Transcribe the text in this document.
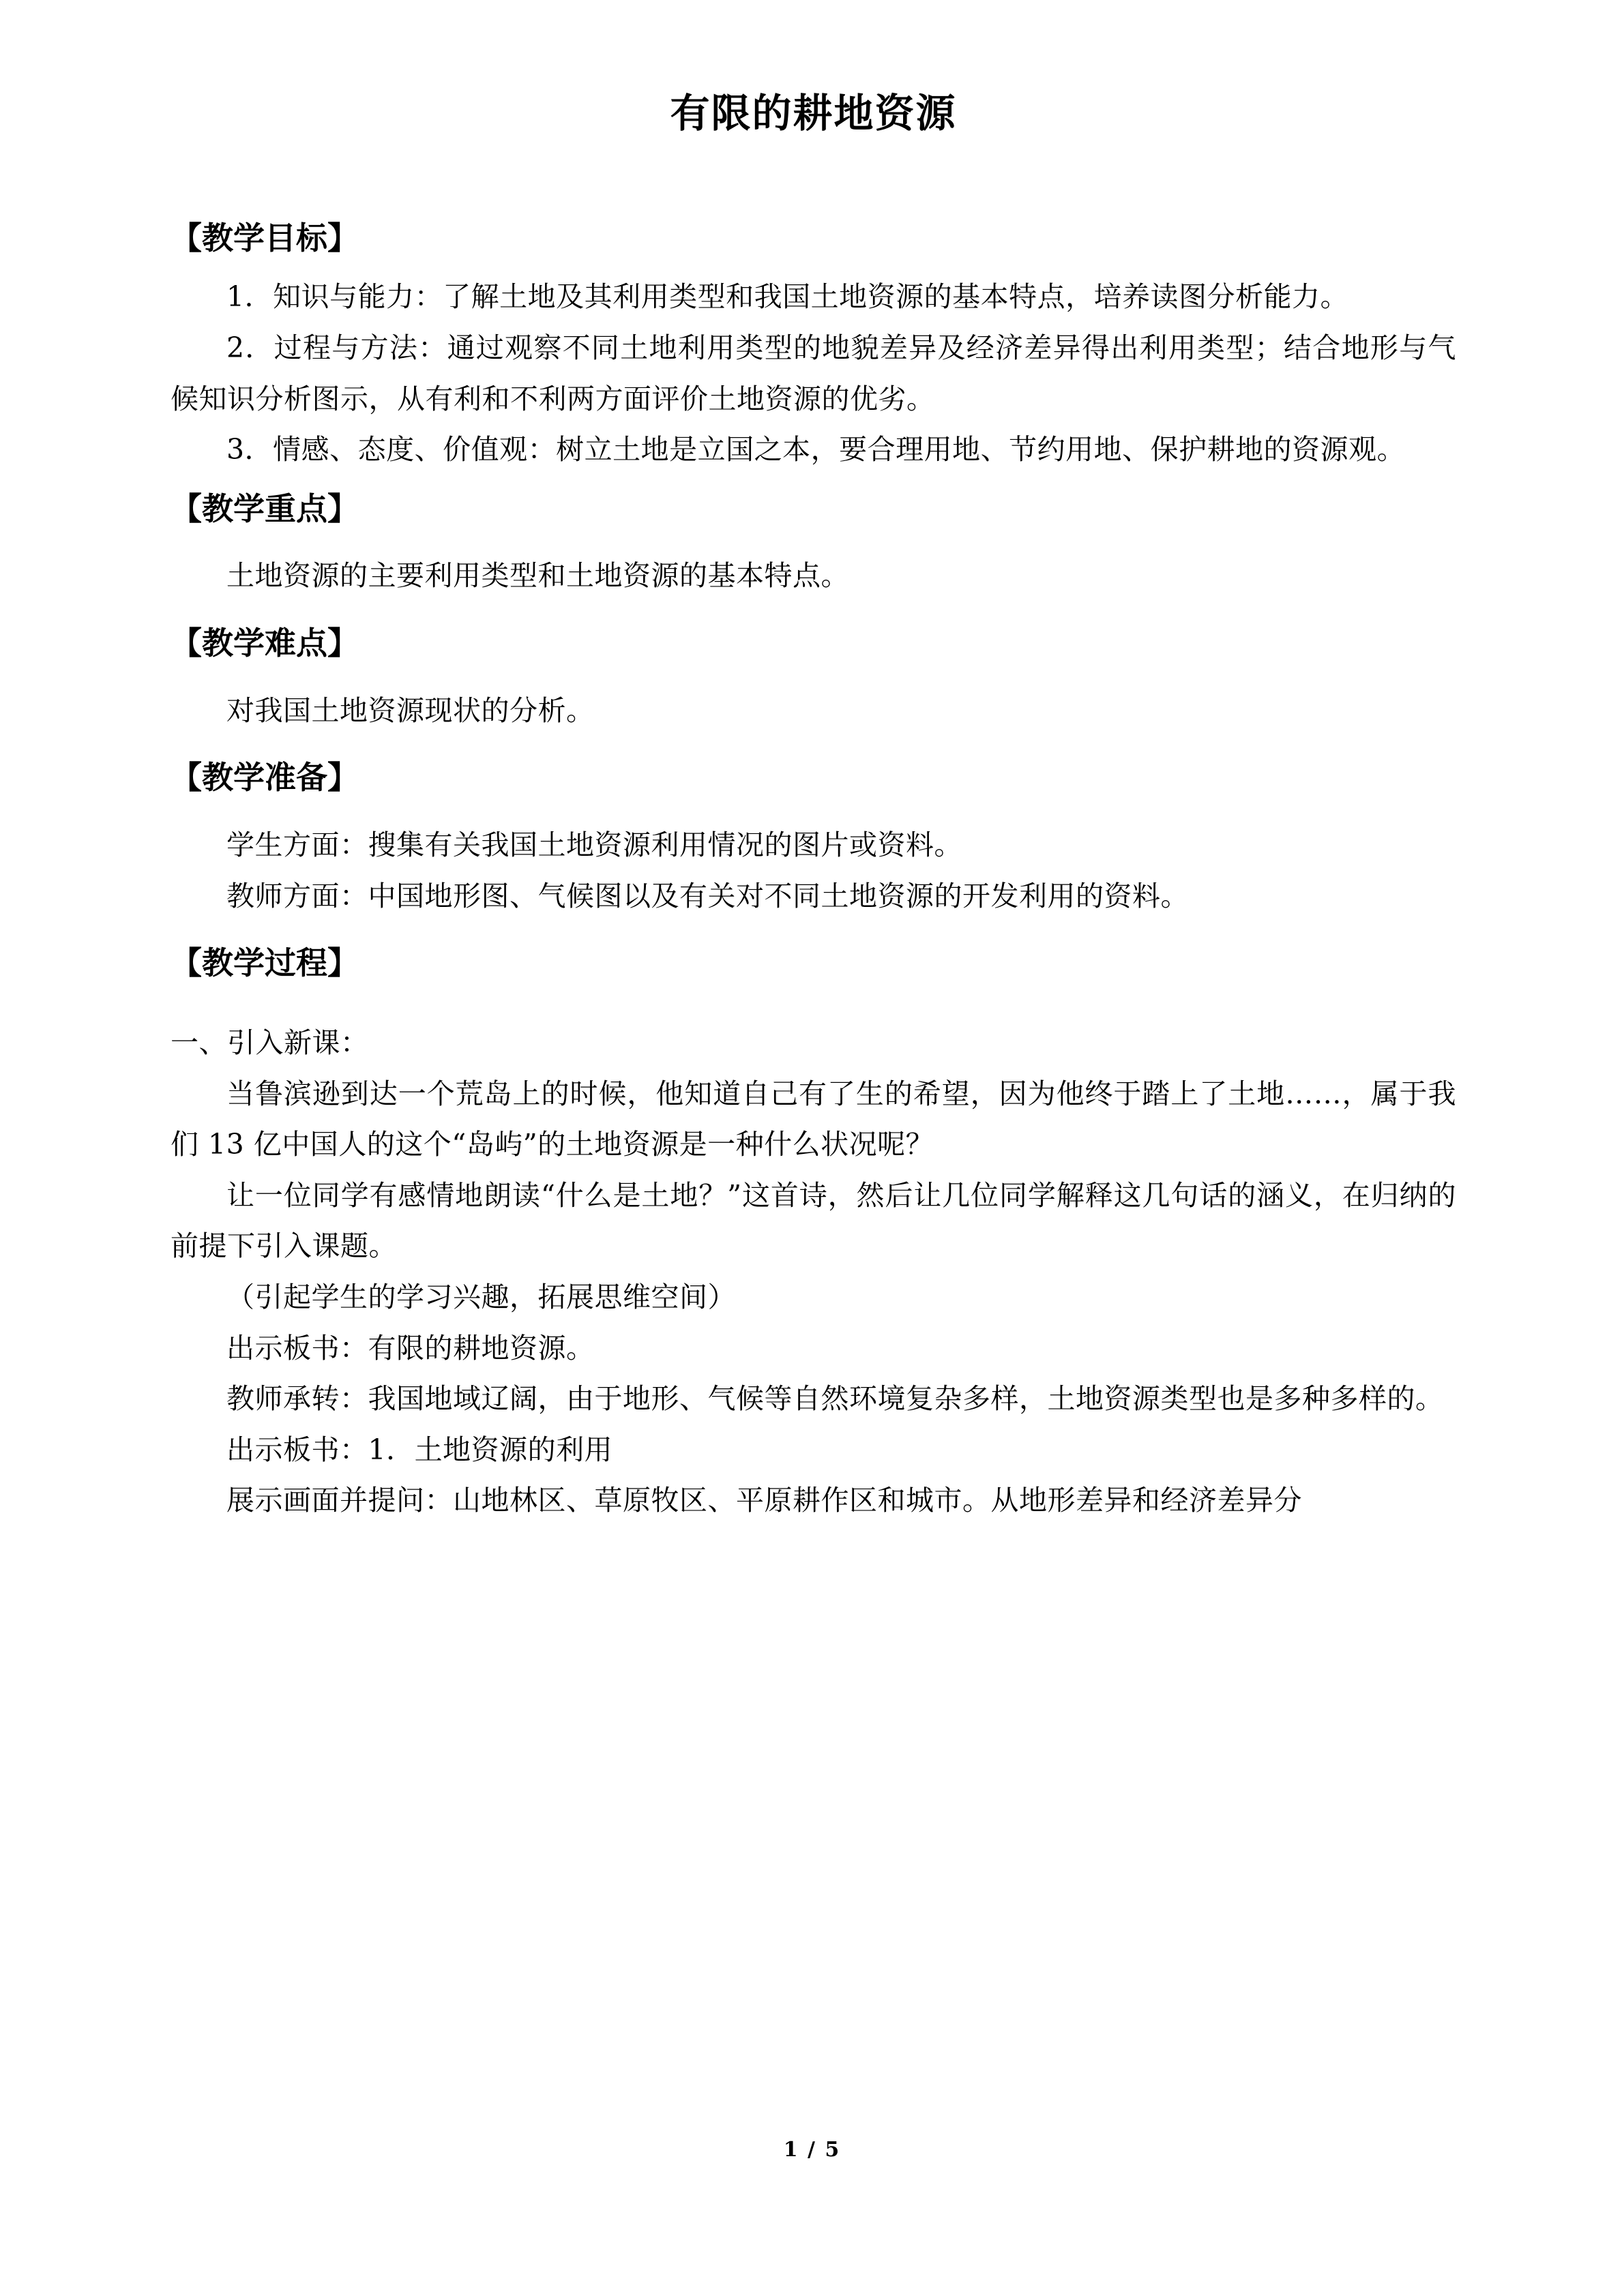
有限的耕地资源
【教学目标】

1．知识与能力：了解土地及其利用类型和我国土地资源的基本特点，培养读图分析能力。

2．过程与方法：通过观察不同土地利用类型的地貌差异及经济差异得出利用类型；结合地形与气候知识分析图示，从有利和不利两方面评价土地资源的优劣。

3．情感、态度、价值观：树立土地是立国之本，要合理用地、节约用地、保护耕地的资源观。

【教学重点】

土地资源的主要利用类型和土地资源的基本特点。

【教学难点】

对我国土地资源现状的分析。

【教学准备】

学生方面：搜集有关我国土地资源利用情况的图片或资料。

教师方面：中国地形图、气候图以及有关对不同土地资源的开发利用的资料。

【教学过程】

一、引入新课：

当鲁滨逊到达一个荒岛上的时候，他知道自己有了生的希望，因为他终于踏上了土地……，属于我们 13 亿中国人的这个“岛屿”的土地资源是一种什么状况呢？

让一位同学有感情地朗读“什么是土地？”这首诗，然后让几位同学解释这几句话的涵义，在归纳的前提下引入课题。

（引起学生的学习兴趣，拓展思维空间）

出示板书：有限的耕地资源。

教师承转：我国地域辽阔，由于地形、气候等自然环境复杂多样，土地资源类型也是多种多样的。

出示板书：1．土地资源的利用

展示画面并提问：山地林区、草原牧区、平原耕作区和城市。从地形差异和经济差异分

1 / 5
